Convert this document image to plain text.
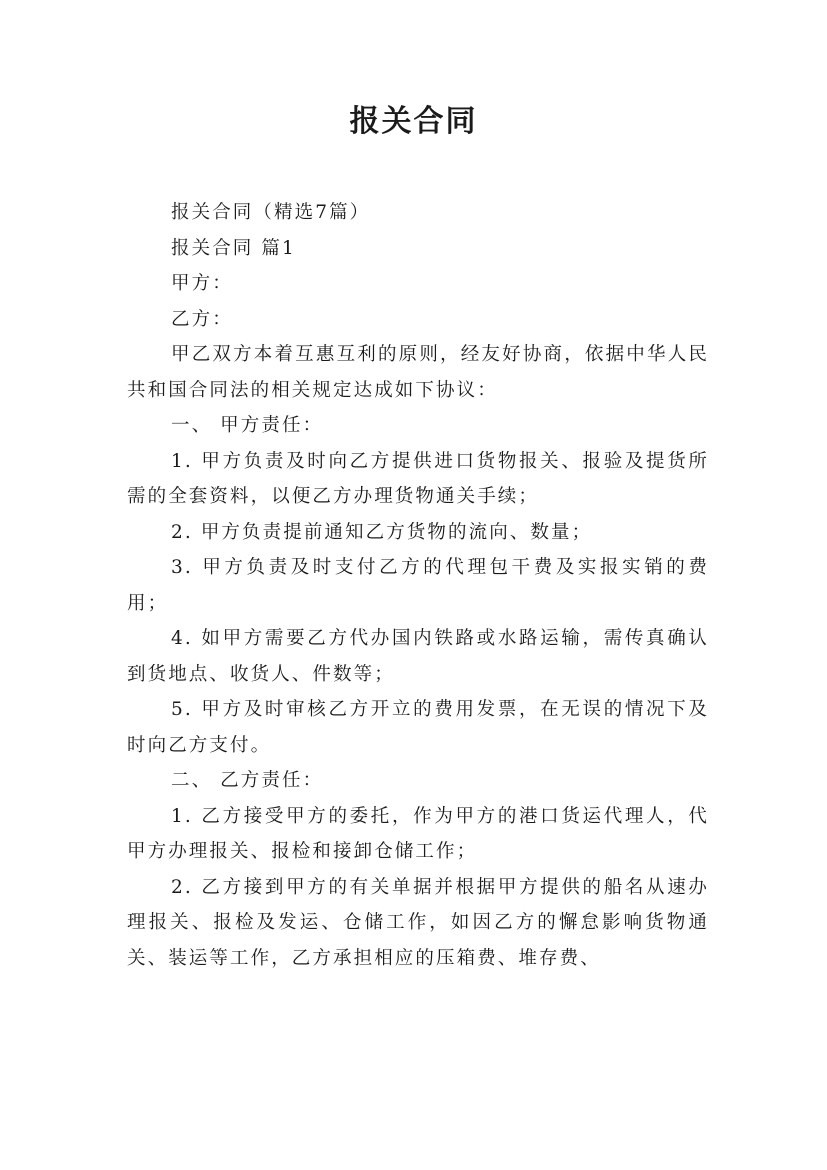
报关合同

报关合同（精选7篇）

报关合同 篇1

甲方：

乙方：

甲乙双方本着互惠互利的原则，经友好协商，依据中华人民共和国合同法的相关规定达成如下协议：

一、 甲方责任：

1. 甲方负责及时向乙方提供进口货物报关、报验及提货所需的全套资料，以便乙方办理货物通关手续；

2. 甲方负责提前通知乙方货物的流向、数量；

3. 甲方负责及时支付乙方的代理包干费及实报实销的费用；

4. 如甲方需要乙方代办国内铁路或水路运输，需传真确认到货地点、收货人、件数等；

5. 甲方及时审核乙方开立的费用发票，在无误的情况下及时向乙方支付。

二、 乙方责任：

1. 乙方接受甲方的委托，作为甲方的港口货运代理人，代甲方办理报关、报检和接卸仓储工作；

2. 乙方接到甲方的有关单据并根据甲方提供的船名从速办理报关、报检及发运、仓储工作，如因乙方的懈怠影响货物通关、装运等工作，乙方承担相应的压箱费、堆存费、
